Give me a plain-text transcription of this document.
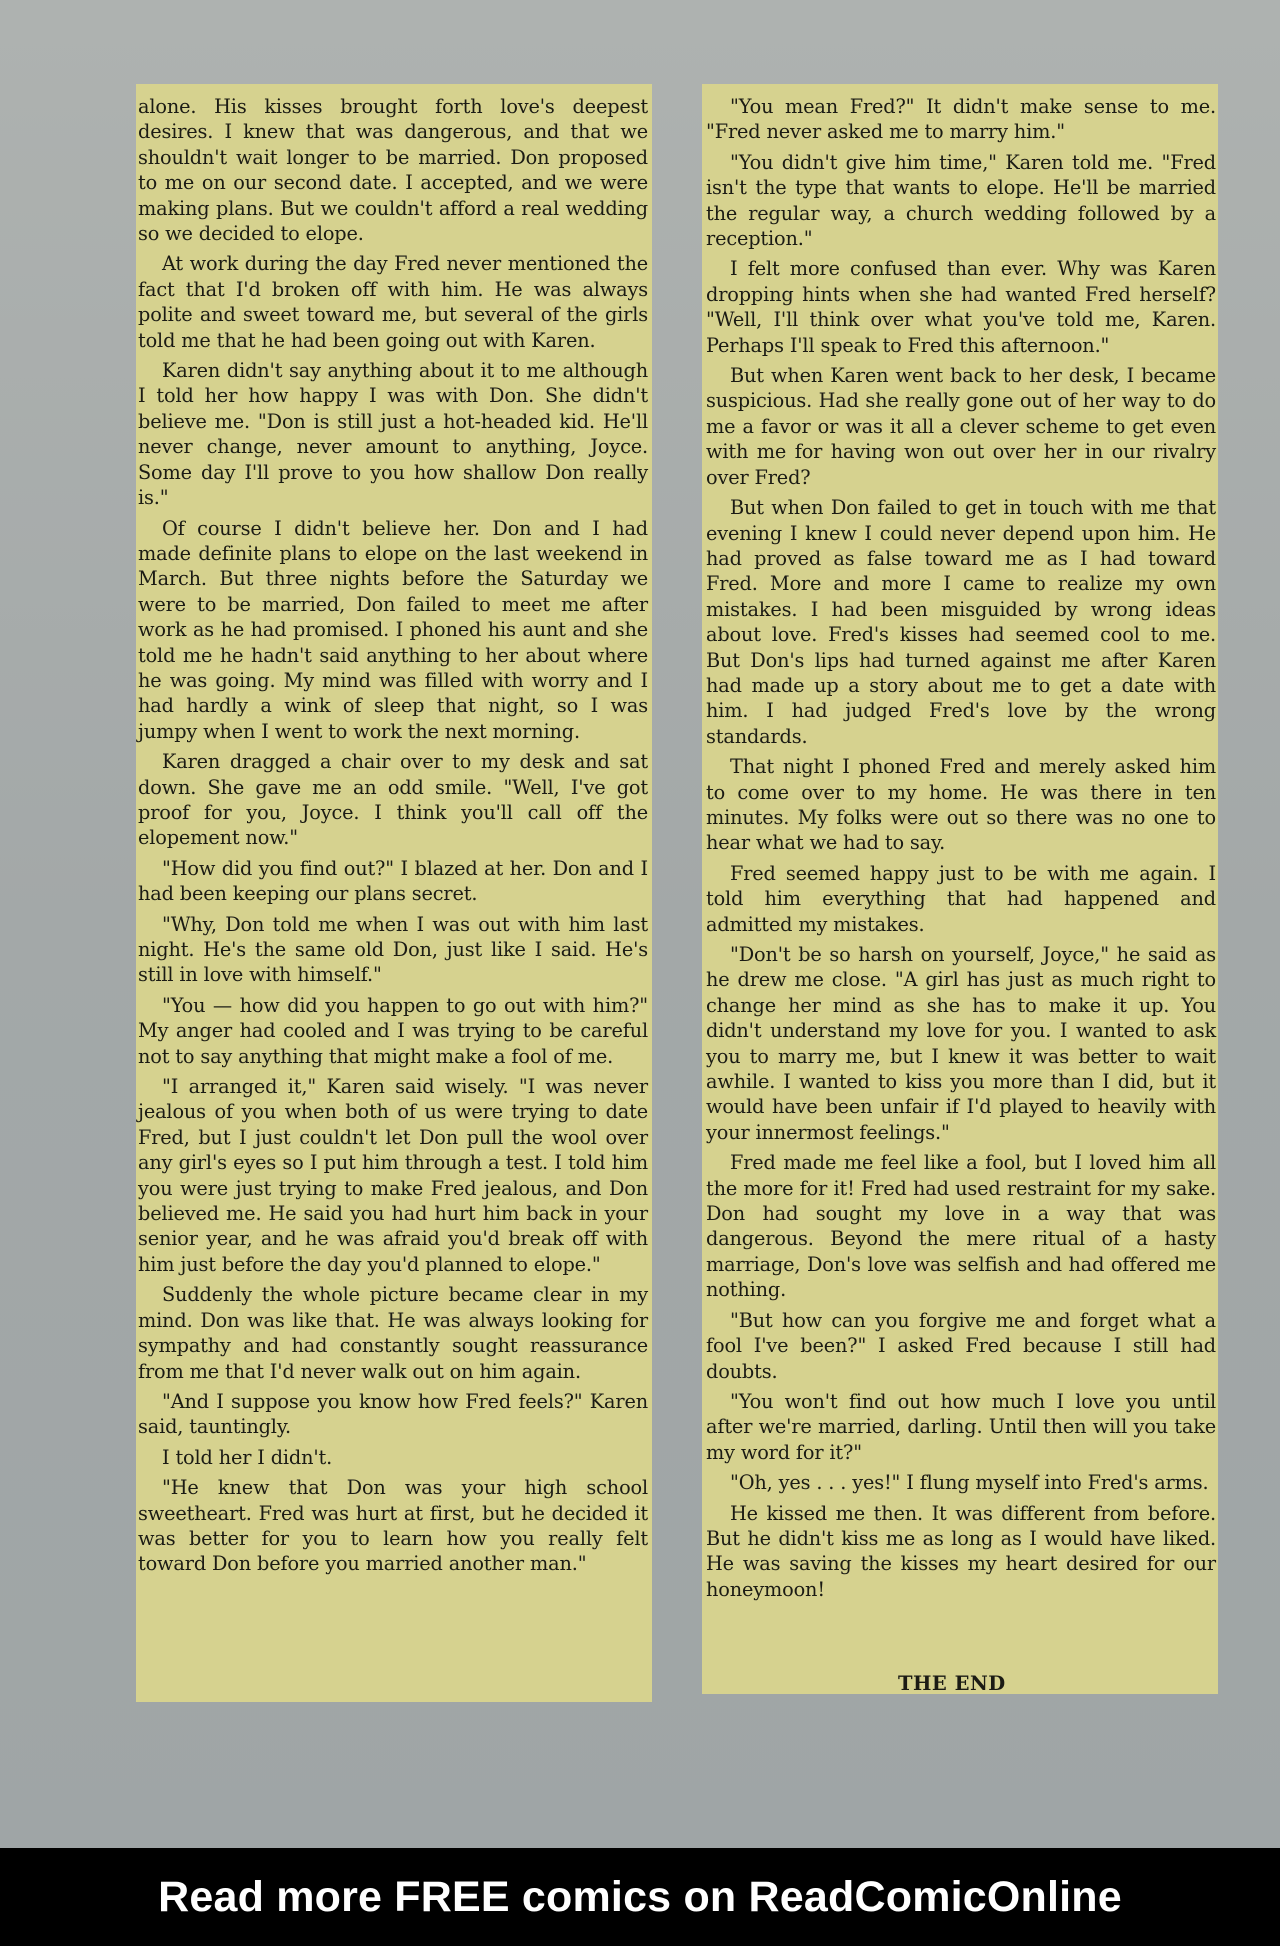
alone. His kisses brought forth love's deepest desires. I knew that was dangerous, and that we shouldn't wait longer to be married. Don proposed to me on our second date. I accepted, and we were making plans. But we couldn't afford a real wedding so we decided to elope.

At work during the day Fred never mentioned the fact that I'd broken off with him. He was always polite and sweet toward me, but several of the girls told me that he had been going out with Karen.

Karen didn't say anything about it to me although I told her how happy I was with Don. She didn't believe me. "Don is still just a hot-headed kid. He'll never change, never amount to anything, Joyce. Some day I'll prove to you how shallow Don really is."

Of course I didn't believe her. Don and I had made definite plans to elope on the last weekend in March. But three nights before the Saturday we were to be married, Don failed to meet me after work as he had promised. I phoned his aunt and she told me he hadn't said anything to her about where he was going. My mind was filled with worry and I had hardly a wink of sleep that night, so I was jumpy when I went to work the next morning.

Karen dragged a chair over to my desk and sat down. She gave me an odd smile. "Well, I've got proof for you, Joyce. I think you'll call off the elopement now."

"How did you find out?" I blazed at her. Don and I had been keeping our plans secret.

"Why, Don told me when I was out with him last night. He's the same old Don, just like I said. He's still in love with himself."

"You — how did you happen to go out with him?" My anger had cooled and I was trying to be careful not to say anything that might make a fool of me.

"I arranged it," Karen said wisely. "I was never jealous of you when both of us were trying to date Fred, but I just couldn't let Don pull the wool over any girl's eyes so I put him through a test. I told him you were just trying to make Fred jealous, and Don believed me. He said you had hurt him back in your senior year, and he was afraid you'd break off with him just before the day you'd planned to elope."

Suddenly the whole picture became clear in my mind. Don was like that. He was always looking for sympathy and had constantly sought reassurance from me that I'd never walk out on him again.

"And I suppose you know how Fred feels?" Karen said, tauntingly.

I told her I didn't.

"He knew that Don was your high school sweetheart. Fred was hurt at first, but he decided it was better for you to learn how you really felt toward Don before you married another man."

"You mean Fred?" It didn't make sense to me. "Fred never asked me to marry him."

"You didn't give him time," Karen told me. "Fred isn't the type that wants to elope. He'll be married the regular way, a church wedding followed by a reception."

I felt more confused than ever. Why was Karen dropping hints when she had wanted Fred herself? "Well, I'll think over what you've told me, Karen. Perhaps I'll speak to Fred this afternoon."

But when Karen went back to her desk, I became suspicious. Had she really gone out of her way to do me a favor or was it all a clever scheme to get even with me for having won out over her in our rivalry over Fred?

But when Don failed to get in touch with me that evening I knew I could never depend upon him. He had proved as false toward me as I had toward Fred. More and more I came to realize my own mistakes. I had been misguided by wrong ideas about love. Fred's kisses had seemed cool to me. But Don's lips had turned against me after Karen had made up a story about me to get a date with him. I had judged Fred's love by the wrong standards.

That night I phoned Fred and merely asked him to come over to my home. He was there in ten minutes. My folks were out so there was no one to hear what we had to say.

Fred seemed happy just to be with me again. I told him everything that had happened and admitted my mistakes.

"Don't be so harsh on yourself, Joyce," he said as he drew me close. "A girl has just as much right to change her mind as she has to make it up. You didn't understand my love for you. I wanted to ask you to marry me, but I knew it was better to wait awhile. I wanted to kiss you more than I did, but it would have been unfair if I'd played to heavily with your innermost feelings."

Fred made me feel like a fool, but I loved him all the more for it! Fred had used restraint for my sake. Don had sought my love in a way that was dangerous. Beyond the mere ritual of a hasty marriage, Don's love was selfish and had offered me nothing.

"But how can you forgive me and forget what a fool I've been?" I asked Fred because I still had doubts.

"You won't find out how much I love you until after we're married, darling. Until then will you take my word for it?"

"Oh, yes . . . yes!" I flung myself into Fred's arms.

He kissed me then. It was different from before. But he didn't kiss me as long as I would have liked. He was saving the kisses my heart desired for our honeymoon!

THE END
Read more FREE comics on ReadComicOnline
